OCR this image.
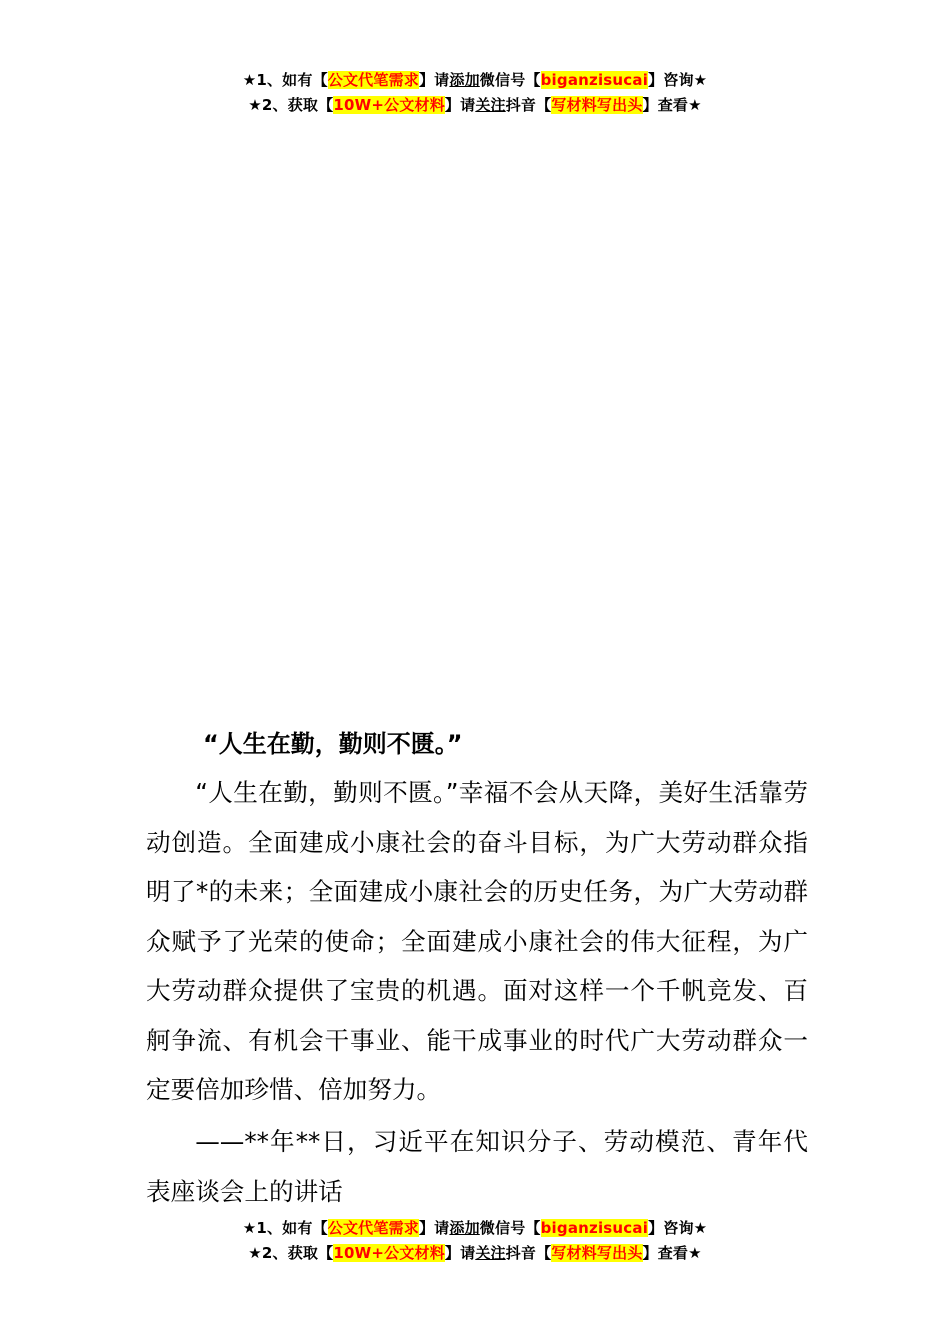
★1、如有【公文代笔需求】请添加微信号【biganzisucai】咨询★
★2、获取【10W+公文材料】请关注抖音【写材料写出头】查看★
“人生在勤，勤则不匮。”
“人生在勤，勤则不匮。”幸福不会从天降，美好生活靠劳动创造。全面建成小康社会的奋斗目标，为广大劳动群众指明了*的未来；全面建成小康社会的历史任务，为广大劳动群众赋予了光荣的使命；全面建成小康社会的伟大征程，为广大劳动群众提供了宝贵的机遇。面对这样一个千帆竞发、百舸争流、有机会干事业、能干成事业的时代广大劳动群众一定要倍加珍惜、倍加努力。
——**年**日，习近平在知识分子、劳动模范、青年代表座谈会上的讲话
★1、如有【公文代笔需求】请添加微信号【biganzisucai】咨询★
★2、获取【10W+公文材料】请关注抖音【写材料写出头】查看★
